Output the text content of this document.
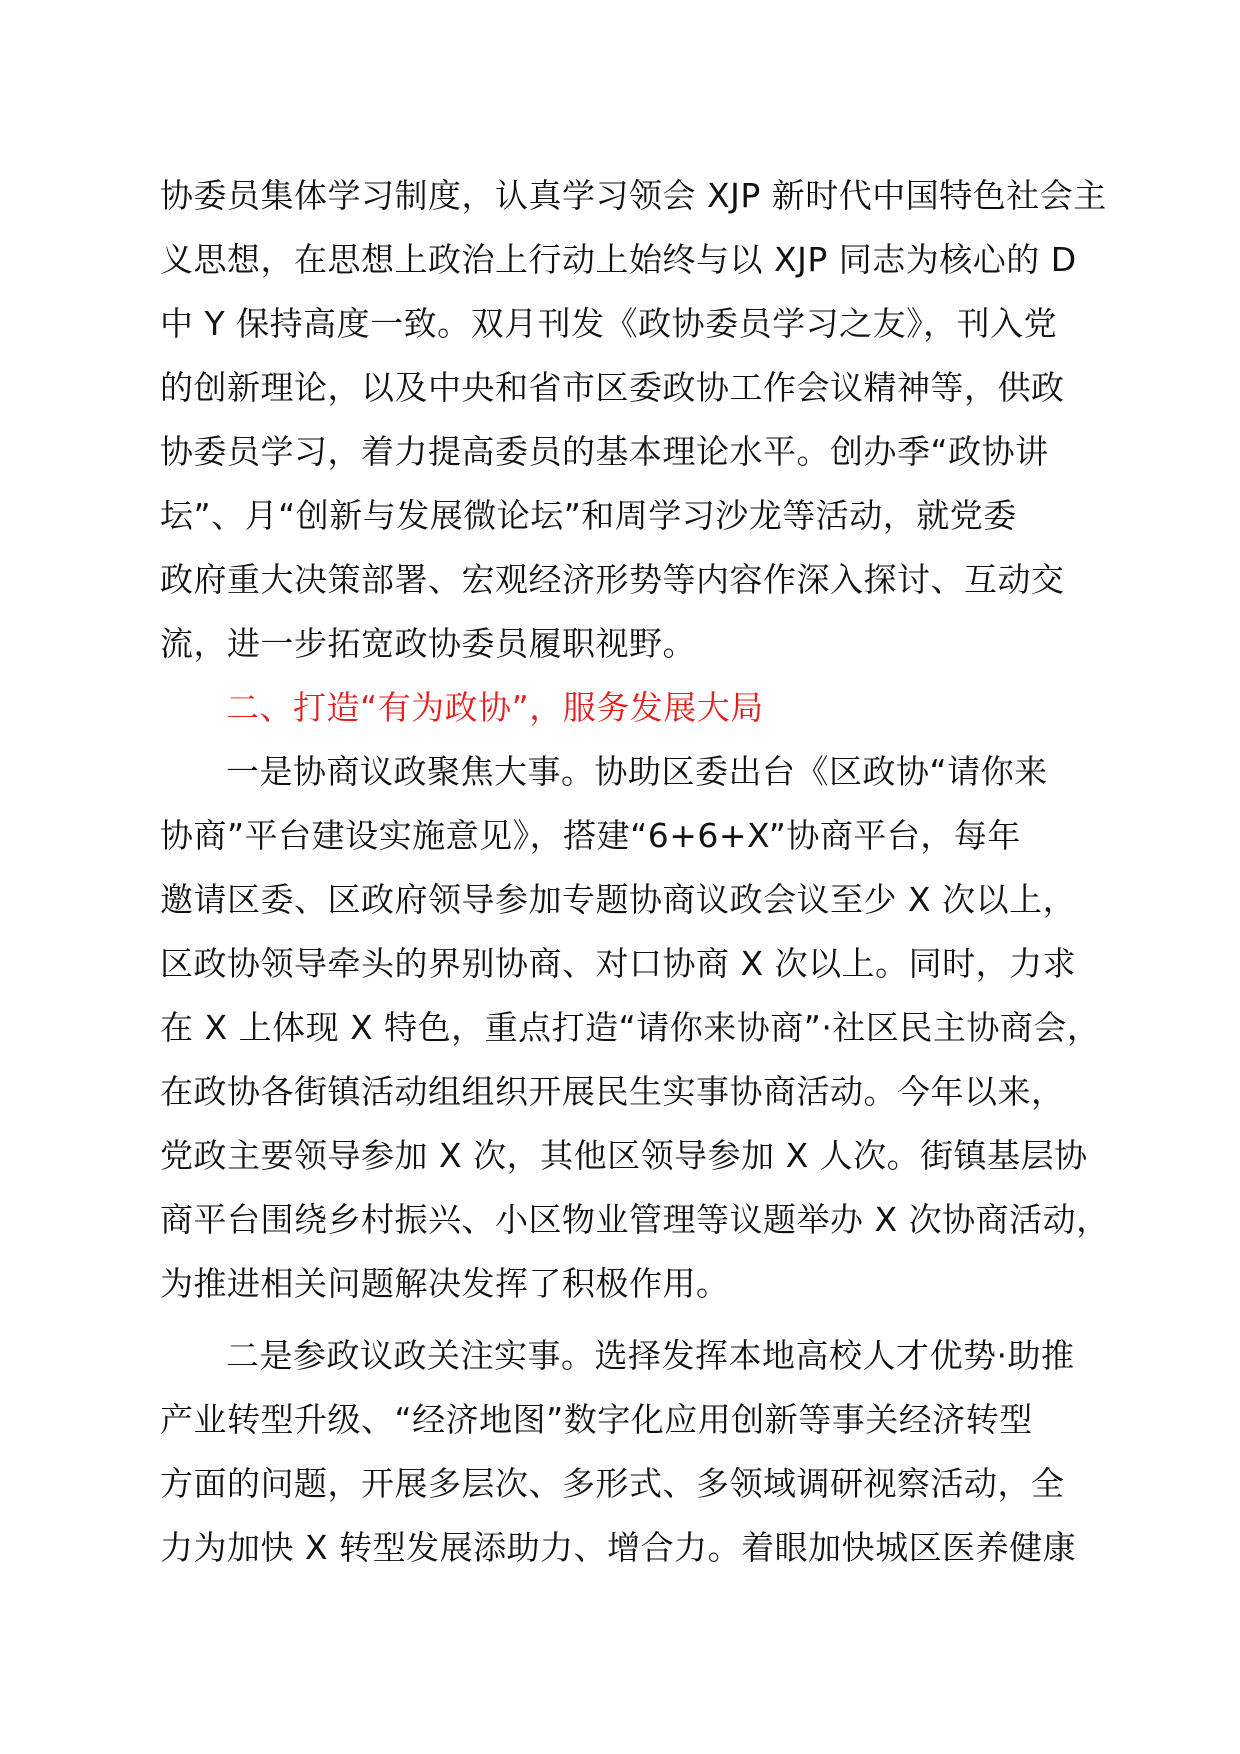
协委员集体学习制度，认真学习领会 XJP 新时代中国特色社会主
义思想，在思想上政治上行动上始终与以 XJP 同志为核心的 D
中 Y 保持高度一致。双月刊发《政协委员学习之友》，刊入党
的创新理论，以及中央和省市区委政协工作会议精神等，供政
协委员学习，着力提高委员的基本理论水平。创办季“政协讲
坛”、月“创新与发展微论坛”和周学习沙龙等活动，就党委
政府重大决策部署、宏观经济形势等内容作深入探讨、互动交
流，进一步拓宽政协委员履职视野。
二、打造“有为政协”，服务发展大局
一是协商议政聚焦大事。协助区委出台《区政协“请你来
协商”平台建设实施意见》，搭建“6+6+X”协商平台，每年
邀请区委、区政府领导参加专题协商议政会议至少 X 次以上，
区政协领导牵头的界别协商、对口协商 X 次以上。同时，力求
在 X 上体现 X 特色，重点打造“请你来协商”·社区民主协商会，
在政协各街镇活动组组织开展民生实事协商活动。今年以来，
党政主要领导参加 X 次，其他区领导参加 X 人次。街镇基层协
商平台围绕乡村振兴、小区物业管理等议题举办 X 次协商活动，
为推进相关问题解决发挥了积极作用。
二是参政议政关注实事。选择发挥本地高校人才优势·助推
产业转型升级、“经济地图”数字化应用创新等事关经济转型
方面的问题，开展多层次、多形式、多领域调研视察活动，全
力为加快 X 转型发展添助力、增合力。着眼加快城区医养健康
